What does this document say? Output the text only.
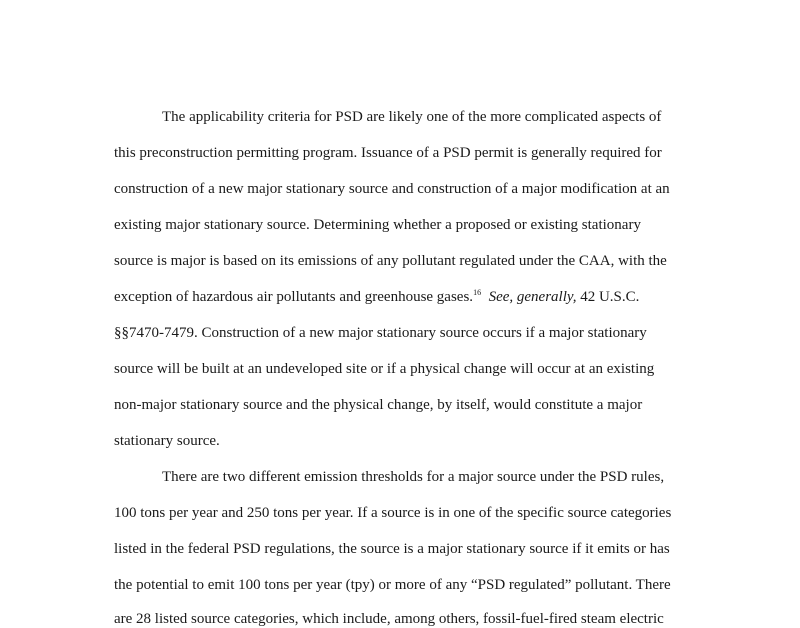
The applicability criteria for PSD are likely one of the more complicated aspects of

this preconstruction permitting program. Issuance of a PSD permit is generally required for

construction of a new major stationary source and construction of a major modification at an

existing major stationary source. Determining whether a proposed or existing stationary

source is major is based on its emissions of any pollutant regulated under the CAA, with the

exception of hazardous air pollutants and greenhouse gases.$^{16}$ See, generally, 42 U.S.C.

§§7470-7479. Construction of a new major stationary source occurs if a major stationary

source will be built at an undeveloped site or if a physical change will occur at an existing

non-major stationary source and the physical change, by itself, would constitute a major

stationary source.

There are two different emission thresholds for a major source under the PSD rules,

100 tons per year and 250 tons per year. If a source is in one of the specific source categories

listed in the federal PSD regulations, the source is a major stationary source if it emits or has

the potential to emit 100 tons per year (tpy) or more of any “PSD regulated” pollutant. There

are 28 listed source categories, which include, among others, fossil-fuel-fired steam electric
